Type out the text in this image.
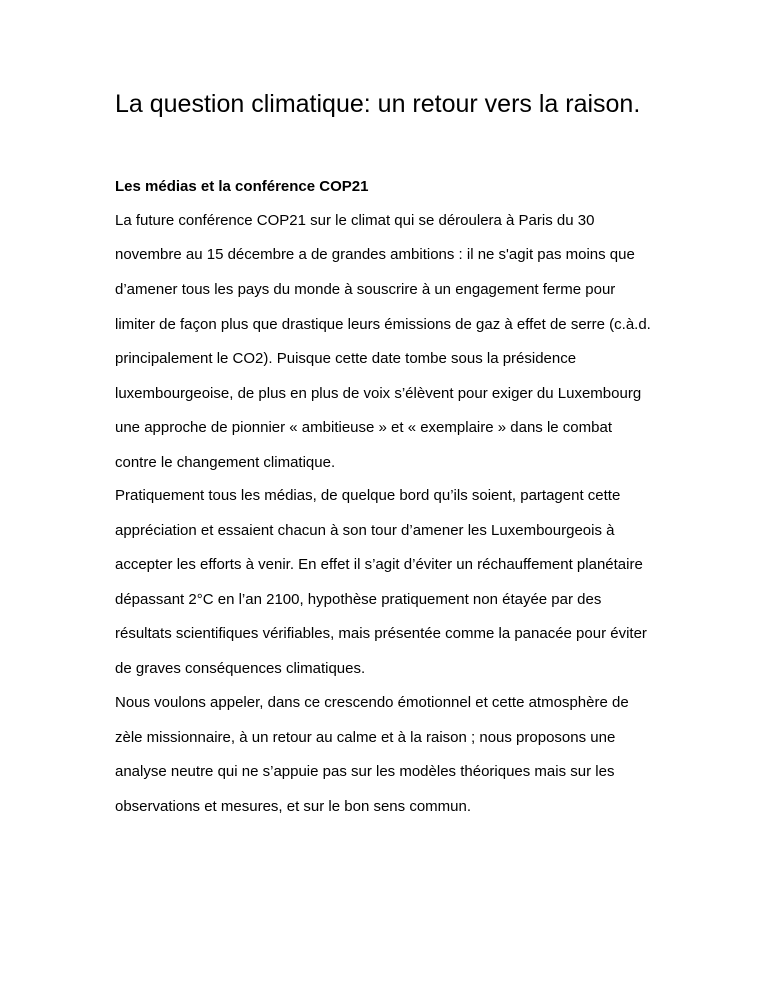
La question climatique: un retour vers la raison.
Les médias et la conférence COP21

La future conférence COP21 sur le climat qui se déroulera à Paris du 30

novembre au 15 décembre a de grandes ambitions : il ne s'agit pas moins que

d’amener tous les pays du monde à souscrire à un engagement ferme pour

limiter de façon plus que drastique leurs émissions de gaz à effet de serre (c.à.d.

principalement le CO2). Puisque cette date tombe sous la présidence

luxembourgeoise, de plus en plus de voix s’élèvent pour exiger du Luxembourg

une approche de pionnier « ambitieuse » et « exemplaire » dans le combat

contre le changement climatique.

Pratiquement tous les médias, de quelque bord qu’ils soient, partagent cette

appréciation et essaient chacun à son tour d’amener les Luxembourgeois à

accepter les efforts à venir. En effet il s’agit d’éviter un réchauffement planétaire

dépassant 2°C en l’an 2100, hypothèse pratiquement non étayée par des

résultats scientifiques vérifiables, mais présentée comme la panacée pour éviter

de graves conséquences climatiques.

Nous voulons appeler, dans ce crescendo émotionnel et cette atmosphère de

zèle missionnaire, à un retour au calme et à la raison ; nous proposons une

analyse neutre qui ne s’appuie pas sur les modèles théoriques mais sur les

observations et mesures, et sur le bon sens commun.
